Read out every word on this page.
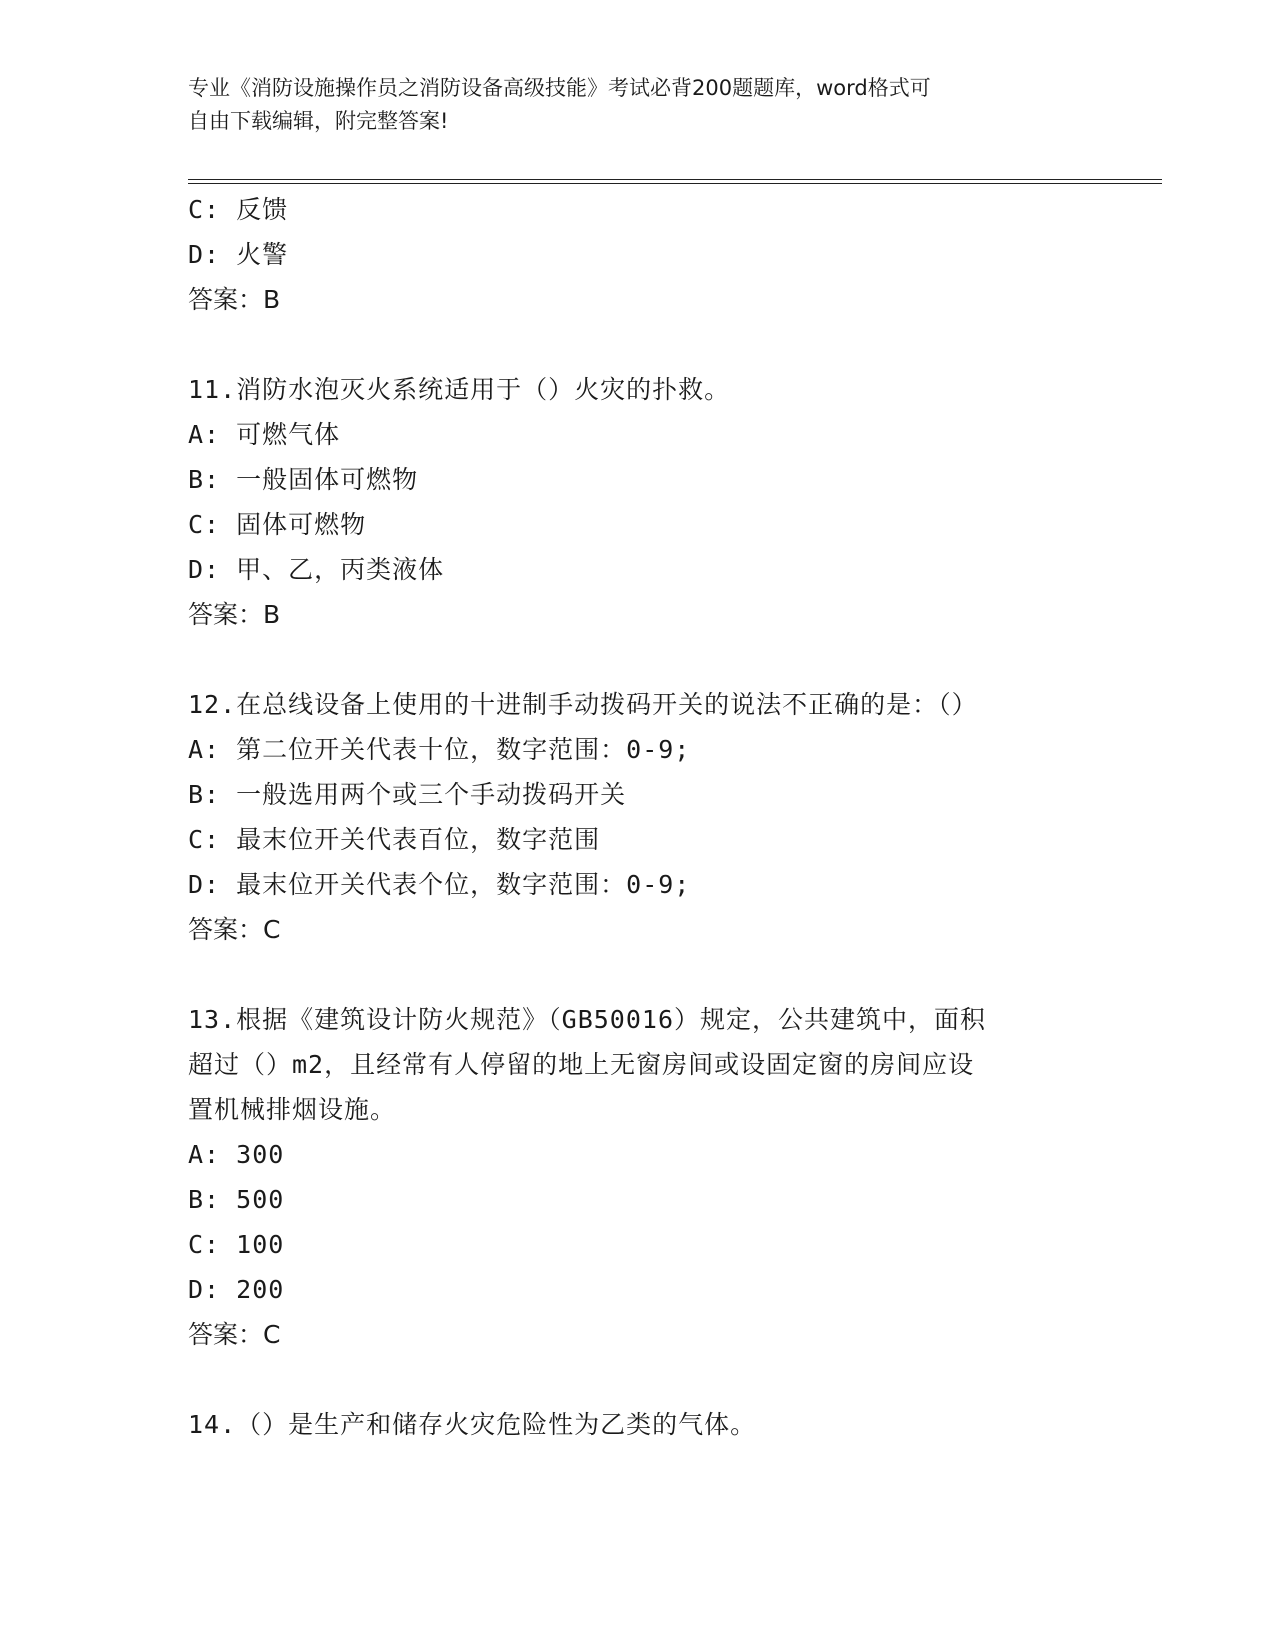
专业《消防设施操作员之消防设备高级技能》考试必背200题题库，word格式可
自由下载编辑，附完整答案!
C: 反馈
D: 火警
答案：B
11.消防水泡灭火系统适用于（）火灾的扑救。
A: 可燃气体
B: 一般固体可燃物
C: 固体可燃物
D: 甲、乙，丙类液体
答案：B
12.在总线设备上使用的十进制手动拨码开关的说法不正确的是：（）
A: 第二位开关代表十位，数字范围：0-9;
B: 一般选用两个或三个手动拨码开关
C: 最末位开关代表百位，数字范围
D: 最末位开关代表个位，数字范围：0-9;
答案：C
13.根据《建筑设计防火规范》（GB50016）规定，公共建筑中，面积
超过（）m2，且经常有人停留的地上无窗房间或设固定窗的房间应设
置机械排烟设施。
A: 300
B: 500
C: 100
D: 200
答案：C
14.（）是生产和储存火灾危险性为乙类的气体。
